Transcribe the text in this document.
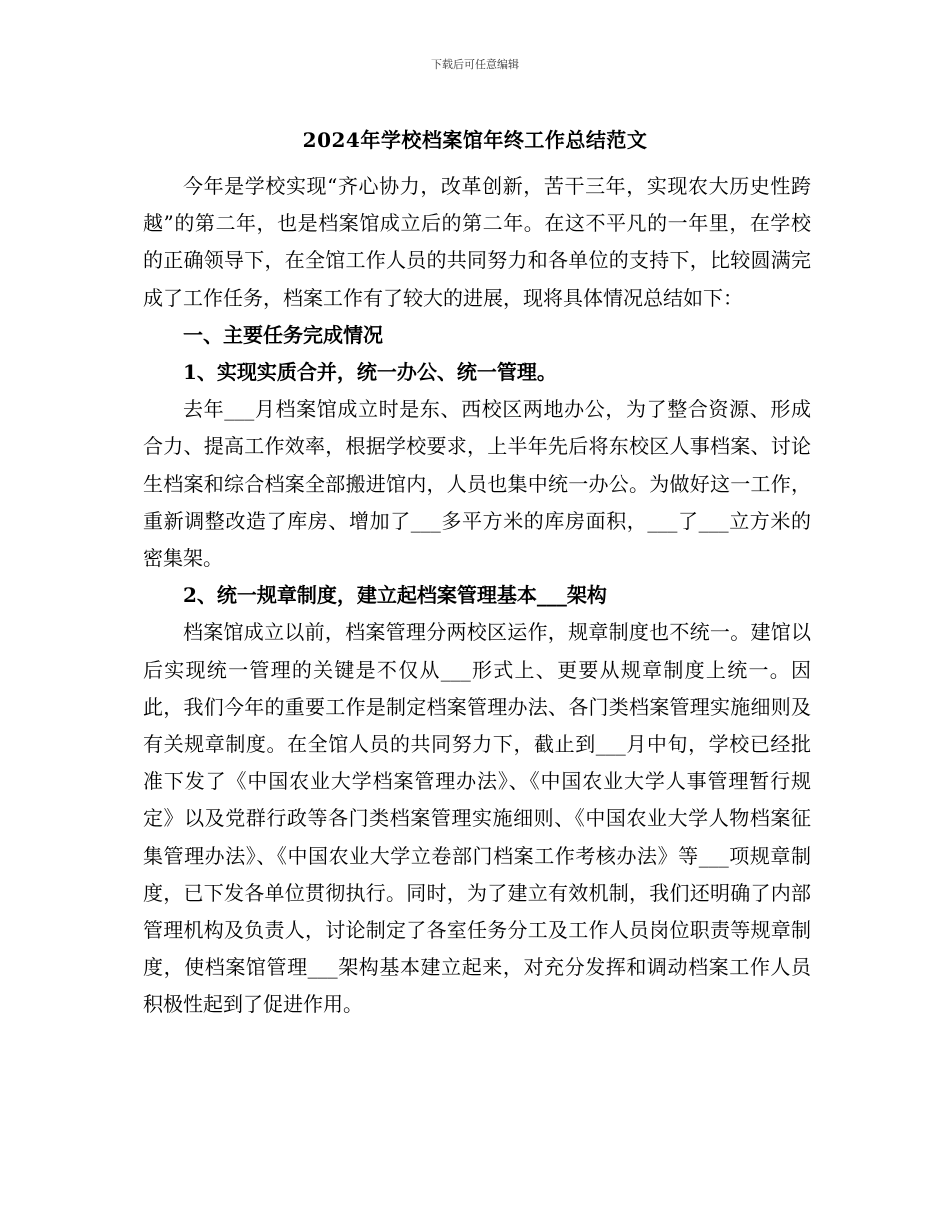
下载后可任意编辑
2024年学校档案馆年终工作总结范文

今年是学校实现“齐心协力，改革创新，苦干三年，实现农大历史性跨越”的第二年，也是档案馆成立后的第二年。在这不平凡的一年里，在学校的正确领导下，在全馆工作人员的共同努力和各单位的支持下，比较圆满完成了工作任务，档案工作有了较大的进展，现将具体情况总结如下：

一、主要任务完成情况

1、实现实质合并，统一办公、统一管理。

去年___月档案馆成立时是东、西校区两地办公，为了整合资源、形成合力、提高工作效率，根据学校要求，上半年先后将东校区人事档案、讨论生档案和综合档案全部搬进馆内，人员也集中统一办公。为做好这一工作，重新调整改造了库房、增加了___多平方米的库房面积，___了___立方米的密集架。

2、统一规章制度，建立起档案管理基本___架构

档案馆成立以前，档案管理分两校区运作，规章制度也不统一。建馆以后实现统一管理的关键是不仅从___形式上、更要从规章制度上统一。因此，我们今年的重要工作是制定档案管理办法、各门类档案管理实施细则及有关规章制度。在全馆人员的共同努力下，截止到___月中旬，学校已经批准下发了《中国农业大学档案管理办法》、《中国农业大学人事管理暂行规定》以及党群行政等各门类档案管理实施细则、《中国农业大学人物档案征集管理办法》、《中国农业大学立卷部门档案工作考核办法》等___项规章制度，已下发各单位贯彻执行。同时，为了建立有效机制，我们还明确了内部管理机构及负责人，讨论制定了各室任务分工及工作人员岗位职责等规章制度，使档案馆管理___架构基本建立起来，对充分发挥和调动档案工作人员积极性起到了促进作用。
